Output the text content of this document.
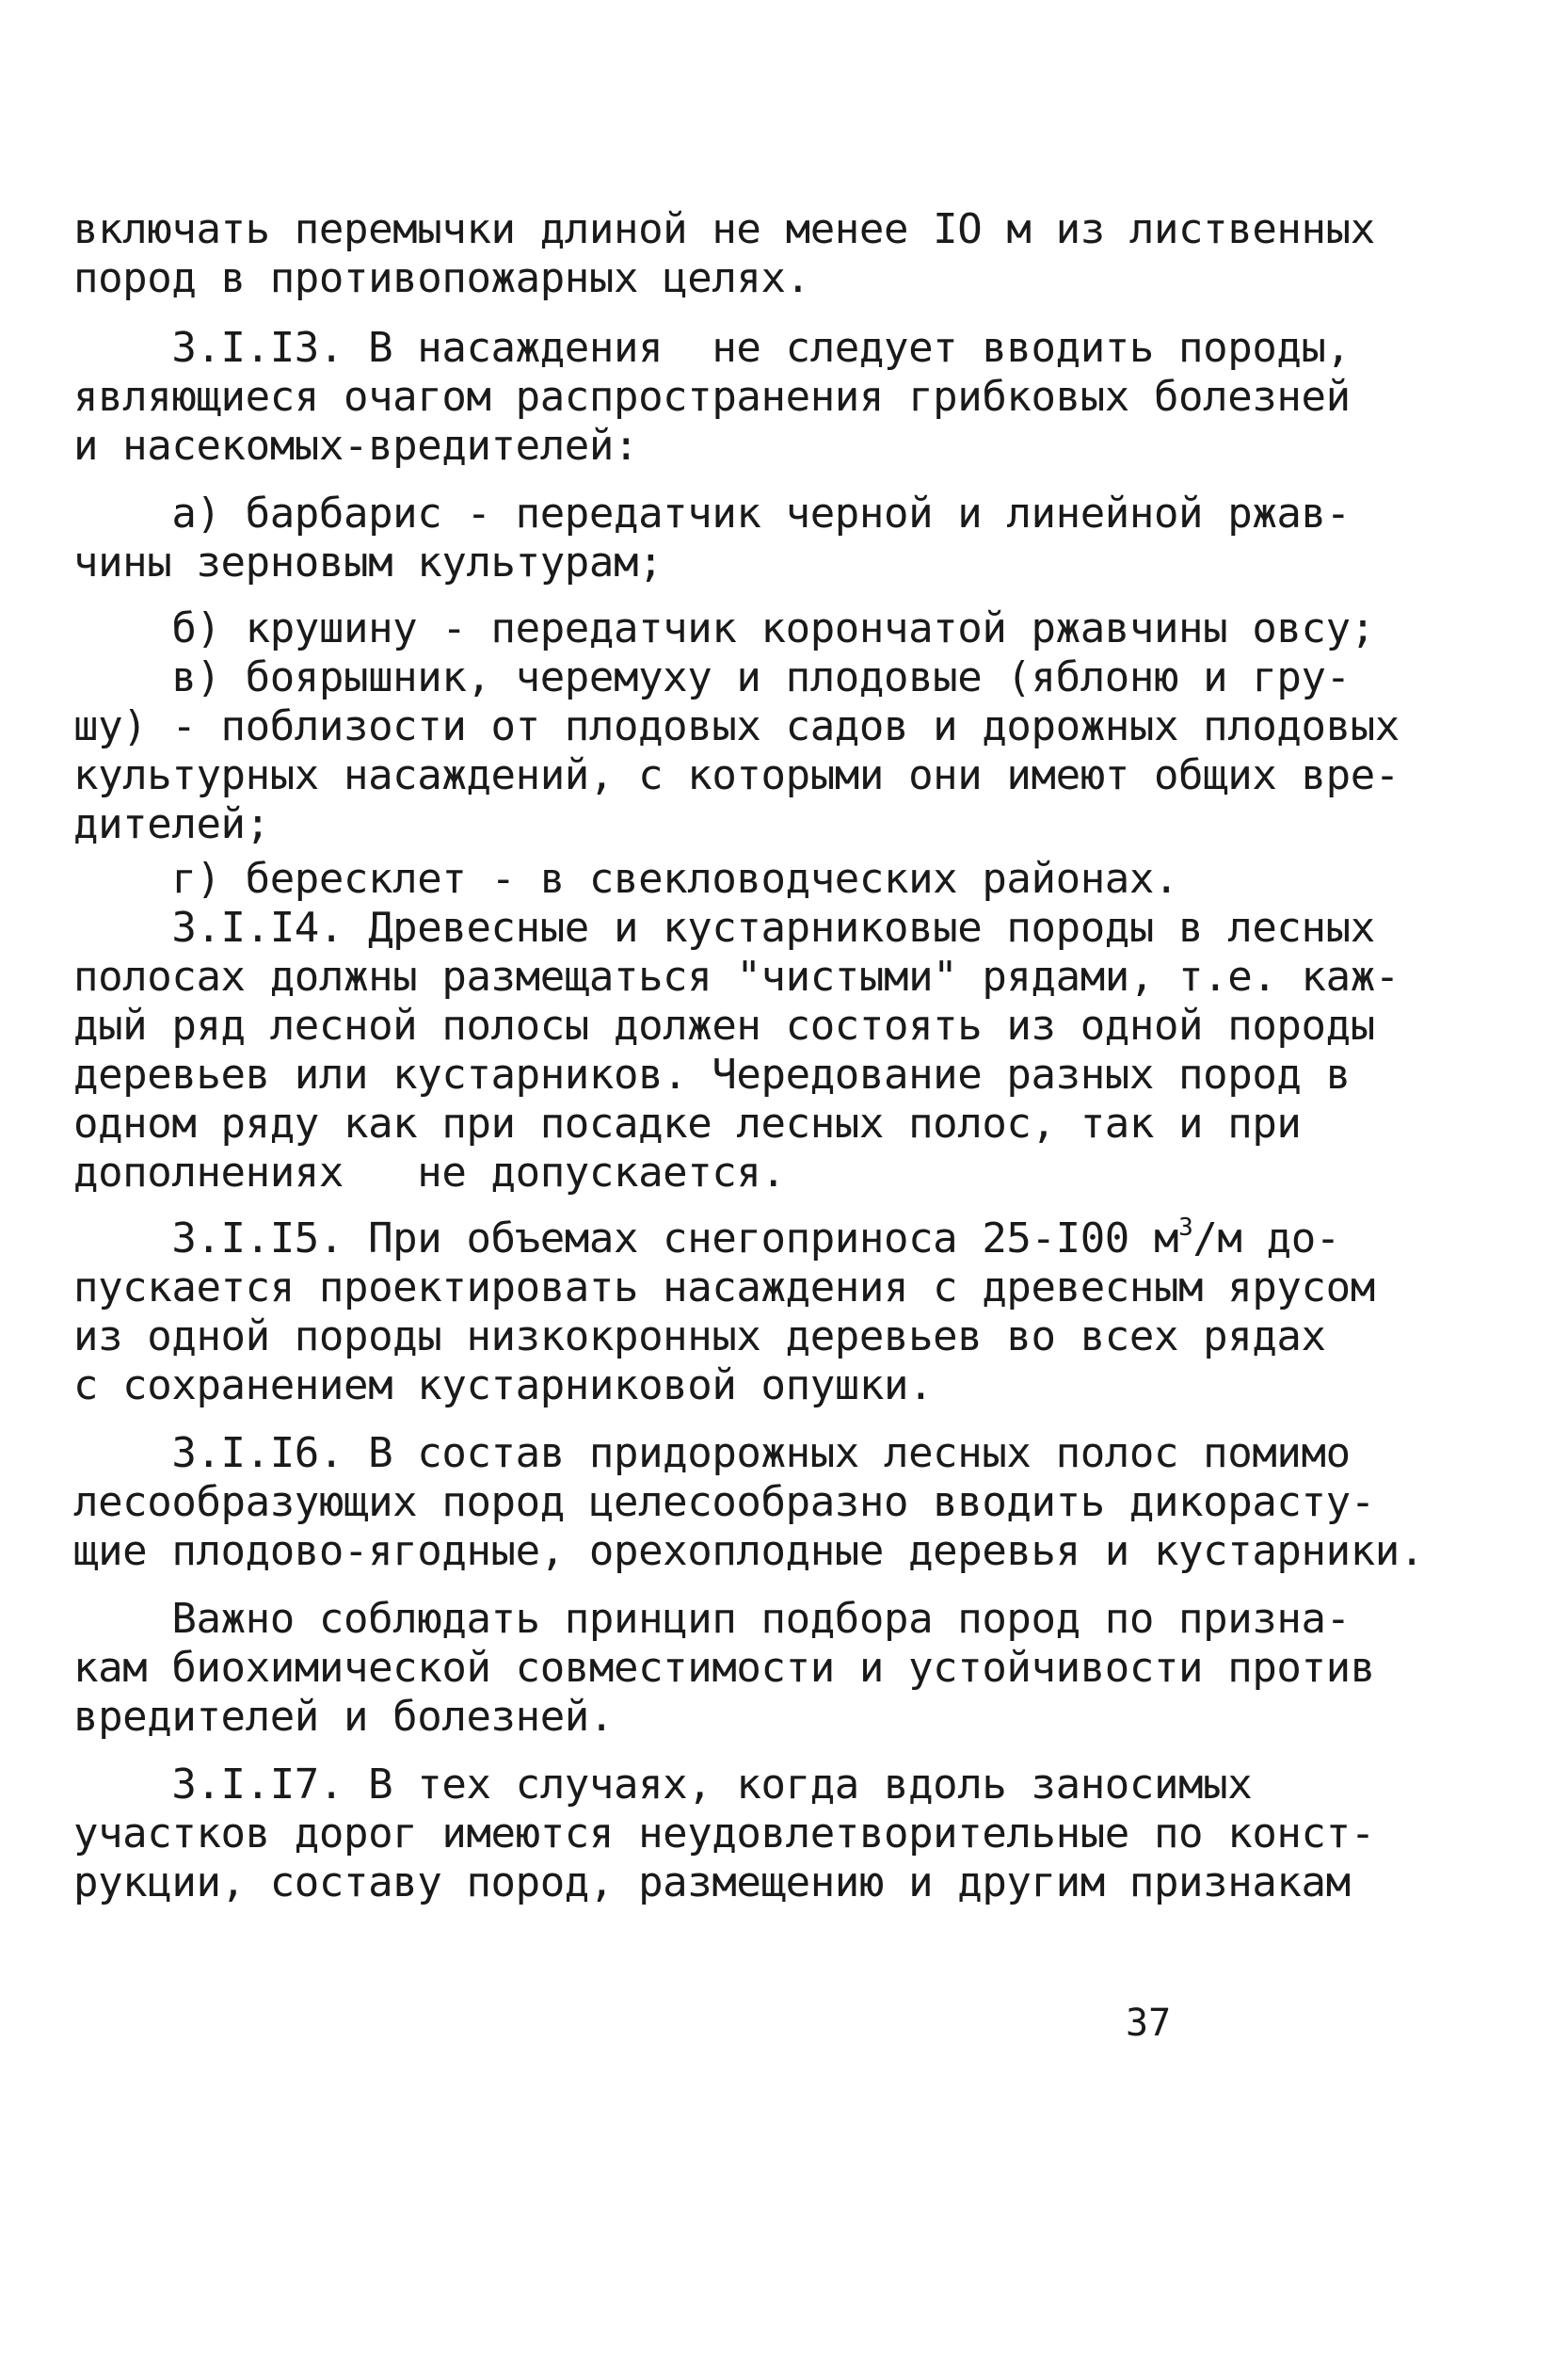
включать перемычки длиной не менее IО м из лиственных
пород в противопожарных целях.
3.I.I3. В насаждения  не следует вводить породы,
являющиеся очагом распространения грибковых болезней
и насекомых-вредителей:
а) барбарис - передатчик черной и линейной ржав-
чины зерновым культурам;
б) крушину - передатчик корончатой ржавчины овсу;
в) боярышник, черемуху и плодовые (яблоню и гру-
шу) - поблизости от плодовых садов и дорожных плодовых
культурных насаждений, с которыми они имеют общих вре-
дителей;
г) бересклет - в свекловодческих районах.
3.I.I4. Древесные и кустарниковые породы в лесных
полосах должны размещаться "чистыми" рядами, т.е. каж-
дый ряд лесной полосы должен состоять из одной породы
деревьев или кустарников. Чередование разных пород в
одном ряду как при посадке лесных полос, так и при
дополнениях   не допускается.
3.I.I5. При объемах снегоприноса 25-I00 $м^3/м$ до-
пускается проектировать насаждения с древесным ярусом
из одной породы низкокронных деревьев во всех рядах
с сохранением кустарниковой опушки.
3.I.I6. В состав придорожных лесных полос помимо
лесообразующих пород целесообразно вводить дикорасту-
щие плодово-ягодные, орехоплодные деревья и кустарники.
Важно соблюдать принцип подбора пород по призна-
кам биохимической совместимости и устойчивости против
вредителей и болезней.
3.I.I7. В тех случаях, когда вдоль заносимых
участков дорог имеются неудовлетворительные по конст-
рукции, составу пород, размещению и другим признакам
37
